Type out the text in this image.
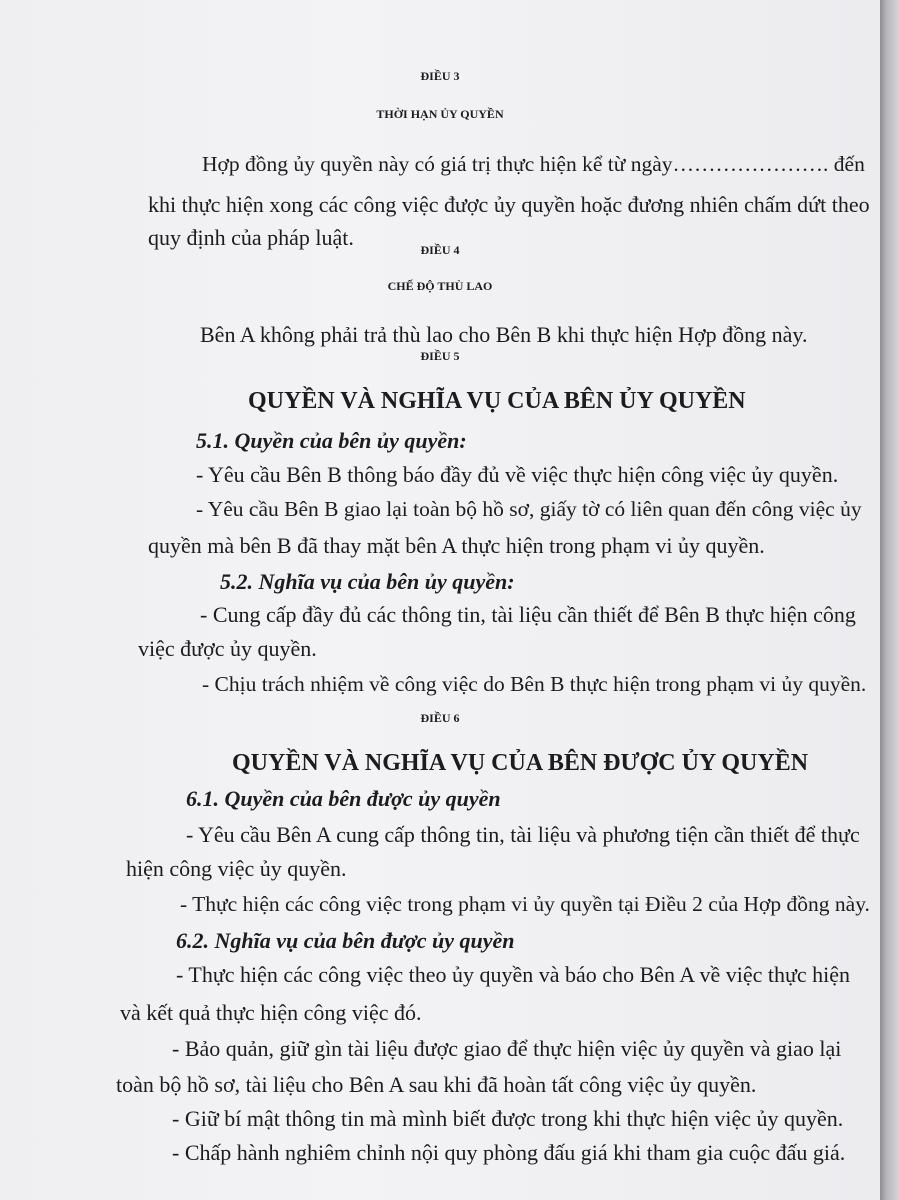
ĐIỀU 3
THỜI HẠN ỦY QUYỀN
Hợp đồng ủy quyền này có giá trị thực hiện kể từ ngày…………………. đến
khi thực hiện xong các công việc được ủy quyền hoặc đương nhiên chấm dứt theo
quy định của pháp luật.	ĐIỀU 4
CHẾ ĐỘ THÙ LAO
Bên A không phải trả thù lao cho Bên B khi thực hiện Hợp đồng này.
ĐIỀU 5
QUYỀN VÀ NGHĨA VỤ CỦA BÊN ỦY QUYỀN
5.1. Quyền của bên ủy quyền:
- Yêu cầu Bên B thông báo đầy đủ về việc thực hiện công việc ủy quyền.
- Yêu cầu Bên B giao lại toàn bộ hồ sơ, giấy tờ có liên quan đến công việc ủy
quyền mà bên B đã thay mặt bên A thực hiện trong phạm vi ủy quyền.
5.2. Nghĩa vụ của bên ủy quyền:
- Cung cấp đầy đủ các thông tin, tài liệu cần thiết để Bên B thực hiện công
việc được ủy quyền.
- Chịu trách nhiệm về công việc do Bên B thực hiện trong phạm vi ủy quyền.
ĐIỀU 6
QUYỀN VÀ NGHĨA VỤ CỦA BÊN ĐƯỢC ỦY QUYỀN
6.1. Quyền của bên được ủy quyền
- Yêu cầu Bên A cung cấp thông tin, tài liệu và phương tiện cần thiết để thực
hiện công việc ủy quyền.
- Thực hiện các công việc trong phạm vi ủy quyền tại Điều 2 của Hợp đồng này.
6.2. Nghĩa vụ của bên được ủy quyền
- Thực hiện các công việc theo ủy quyền và báo cho Bên A về việc thực hiện
và kết quả thực hiện công việc đó.
- Bảo quản, giữ gìn tài liệu được giao để thực hiện việc ủy quyền và giao lại
toàn bộ hồ sơ, tài liệu cho Bên A sau khi đã hoàn tất công việc ủy quyền.
- Giữ bí mật thông tin mà mình biết được trong khi thực hiện việc ủy quyền.
- Chấp hành nghiêm chỉnh nội quy phòng đấu giá khi tham gia cuộc đấu giá.
